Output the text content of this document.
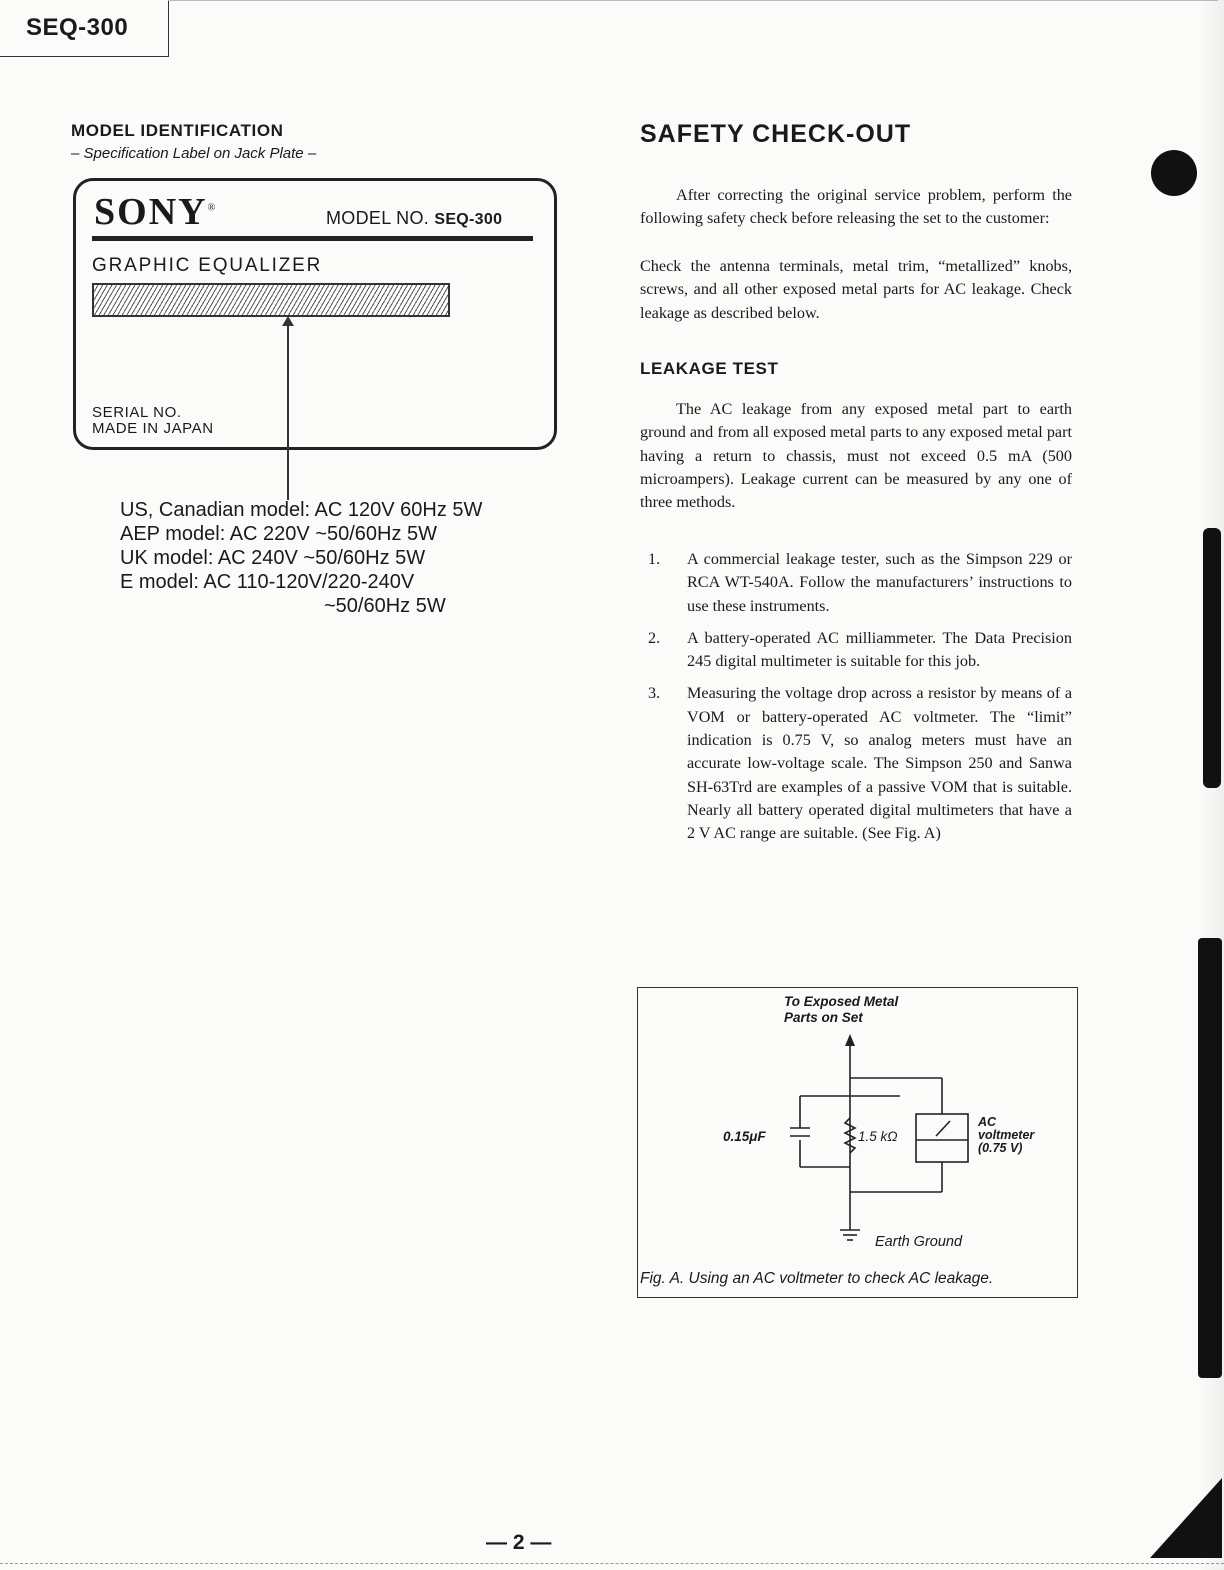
SEQ-300
MODEL IDENTIFICATION
– Specification Label on Jack Plate –
SONY®
MODEL NO. SEQ-300
GRAPHIC EQUALIZER
SERIAL NO.
MADE IN JAPAN
US, Canadian model: AC 120V 60Hz 5W
AEP model: AC 220V ~50/60Hz 5W
UK model: AC 240V ~50/60Hz 5W
E model: AC 110-120V/220-240V
~50/60Hz 5W
SAFETY CHECK-OUT
After correcting the original service problem, perform the following safety check before releasing the set to the customer:
Check the antenna terminals, metal trim, “metallized” knobs, screws, and all other exposed metal parts for AC leakage. Check leakage as described below.
LEAKAGE TEST
The AC leakage from any exposed metal part to earth ground and from all exposed metal parts to any exposed metal part having a return to chassis, must not exceed 0.5 mA (500 microampers). Leakage current can be measured by any one of three methods.
1. A commercial leakage tester, such as the Simpson 229 or RCA WT-540A. Follow the manufacturers’ instructions to use these instruments.
2. A battery-operated AC milliammeter. The Data Precision 245 digital multimeter is suitable for this job.
3. Measuring the voltage drop across a resistor by means of a VOM or battery-operated AC voltmeter. The “limit” indication is 0.75 V, so analog meters must have an accurate low-voltage scale. The Simpson 250 and Sanwa SH-63Trd are examples of a passive VOM that is suitable. Nearly all battery operated digital multimeters that have a 2 V AC range are suitable. (See Fig. A)
To Exposed Metal
Parts on Set
0.15μF	1.5 kΩ
AC
voltmeter
(0.75 V)
Earth Ground
Fig. A. Using an AC voltmeter to check AC leakage.
— 2 —
